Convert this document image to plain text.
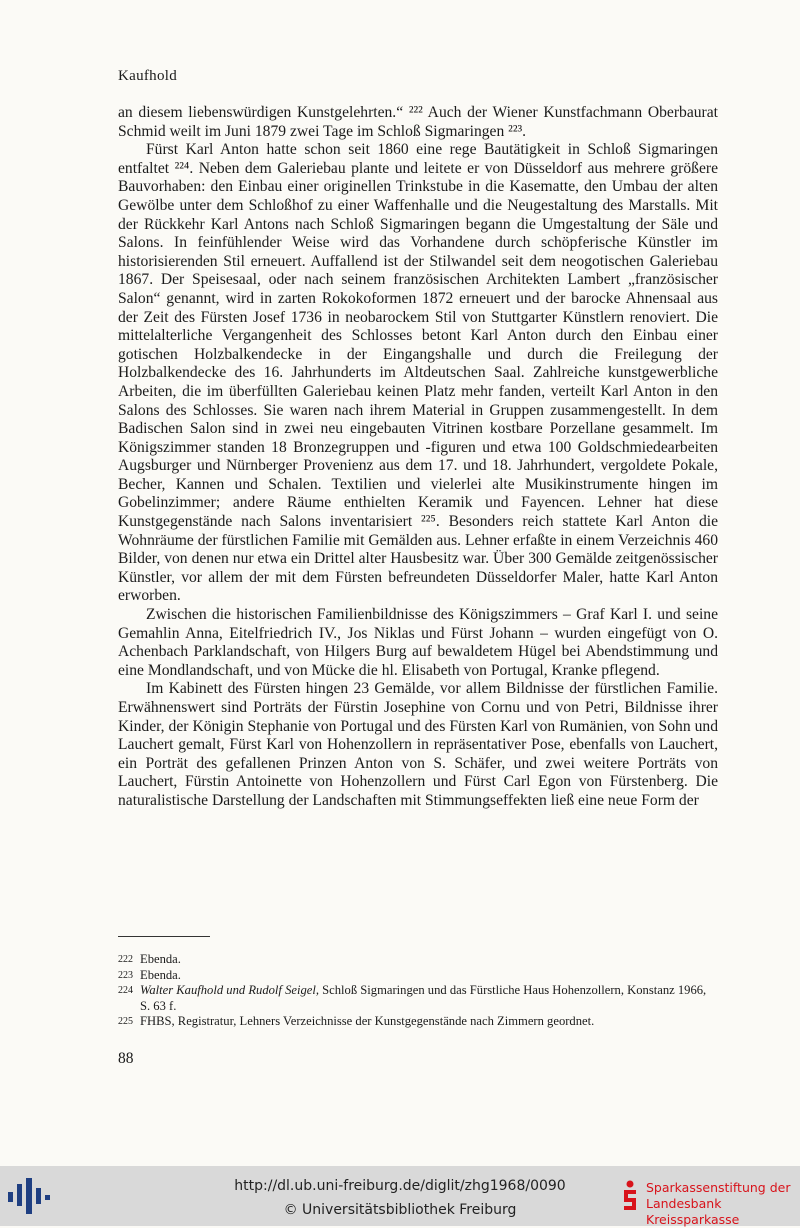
Kaufhold

an diesem liebenswürdigen Kunstgelehrten.“ ²²² Auch der Wiener Kunstfachmann Oberbaurat Schmid weilt im Juni 1879 zwei Tage im Schloß Sigmaringen ²²³.

Fürst Karl Anton hatte schon seit 1860 eine rege Bautätigkeit in Schloß Sigmaringen entfaltet ²²⁴. Neben dem Galeriebau plante und leitete er von Düsseldorf aus mehrere größere Bauvorhaben: den Einbau einer originellen Trinkstube in die Kasematte, den Umbau der alten Gewölbe unter dem Schloßhof zu einer Waffenhalle und die Neugestaltung des Marstalls. Mit der Rückkehr Karl Antons nach Schloß Sigmaringen begann die Umgestaltung der Säle und Salons. In feinfühlender Weise wird das Vorhandene durch schöpferische Künstler im historisierenden Stil erneuert. Auffallend ist der Stilwandel seit dem neogotischen Galeriebau 1867. Der Speisesaal, oder nach seinem französischen Architekten Lambert „französischer Salon“ genannt, wird in zarten Rokokoformen 1872 erneuert und der barocke Ahnensaal aus der Zeit des Fürsten Josef 1736 in neobarockem Stil von Stuttgarter Künstlern renoviert. Die mittelalterliche Vergangenheit des Schlosses betont Karl Anton durch den Einbau einer gotischen Holzbalkendecke in der Eingangshalle und durch die Freilegung der Holzbalkendecke des 16. Jahrhunderts im Altdeutschen Saal. Zahlreiche kunstgewerbliche Arbeiten, die im überfüllten Galeriebau keinen Platz mehr fanden, verteilt Karl Anton in den Salons des Schlosses. Sie waren nach ihrem Material in Gruppen zusammengestellt. In dem Badischen Salon sind in zwei neu eingebauten Vitrinen kostbare Porzellane gesammelt. Im Königszimmer standen 18 Bronzegruppen und -figuren und etwa 100 Goldschmiedearbeiten Augsburger und Nürnberger Provenienz aus dem 17. und 18. Jahrhundert, vergoldete Pokale, Becher, Kannen und Schalen. Textilien und vielerlei alte Musikinstrumente hingen im Gobelinzimmer; andere Räume enthielten Keramik und Fayencen. Lehner hat diese Kunstgegenstände nach Salons inventarisiert ²²⁵. Besonders reich stattete Karl Anton die Wohnräume der fürstlichen Familie mit Gemälden aus. Lehner erfaßte in einem Verzeichnis 460 Bilder, von denen nur etwa ein Drittel alter Hausbesitz war. Über 300 Gemälde zeitgenössischer Künstler, vor allem der mit dem Fürsten befreundeten Düsseldorfer Maler, hatte Karl Anton erworben.

Zwischen die historischen Familienbildnisse des Königszimmers – Graf Karl I. und seine Gemahlin Anna, Eitelfriedrich IV., Jos Niklas und Fürst Johann – wurden eingefügt von O. Achenbach Parklandschaft, von Hilgers Burg auf bewaldetem Hügel bei Abendstimmung und eine Mondlandschaft, und von Mücke die hl. Elisabeth von Portugal, Kranke pflegend.

Im Kabinett des Fürsten hingen 23 Gemälde, vor allem Bildnisse der fürstlichen Familie. Erwähnenswert sind Porträts der Fürstin Josephine von Cornu und von Petri, Bildnisse ihrer Kinder, der Königin Stephanie von Portugal und des Fürsten Karl von Rumänien, von Sohn und Lauchert gemalt, Fürst Karl von Hohenzollern in repräsentativer Pose, ebenfalls von Lauchert, ein Porträt des gefallenen Prinzen Anton von S. Schäfer, und zwei weitere Porträts von Lauchert, Fürstin Antoinette von Hohenzollern und Fürst Carl Egon von Fürstenberg. Die naturalistische Darstellung der Landschaften mit Stimmungseffekten ließ eine neue Form der

222 Ebenda.
223 Ebenda.
224 Walter Kaufhold und Rudolf Seigel, Schloß Sigmaringen und das Fürstliche Haus Hohenzollern, Konstanz 1966, S. 63 f.
225 FHBS, Registratur, Lehners Verzeichnisse der Kunstgegenstände nach Zimmern geordnet.
88
http://dl.ub.uni-freiburg.de/diglit/zhg1968/0090
© Universitätsbibliothek Freiburg
Sparkassenstiftung der
Landesbank Kreissparkasse
